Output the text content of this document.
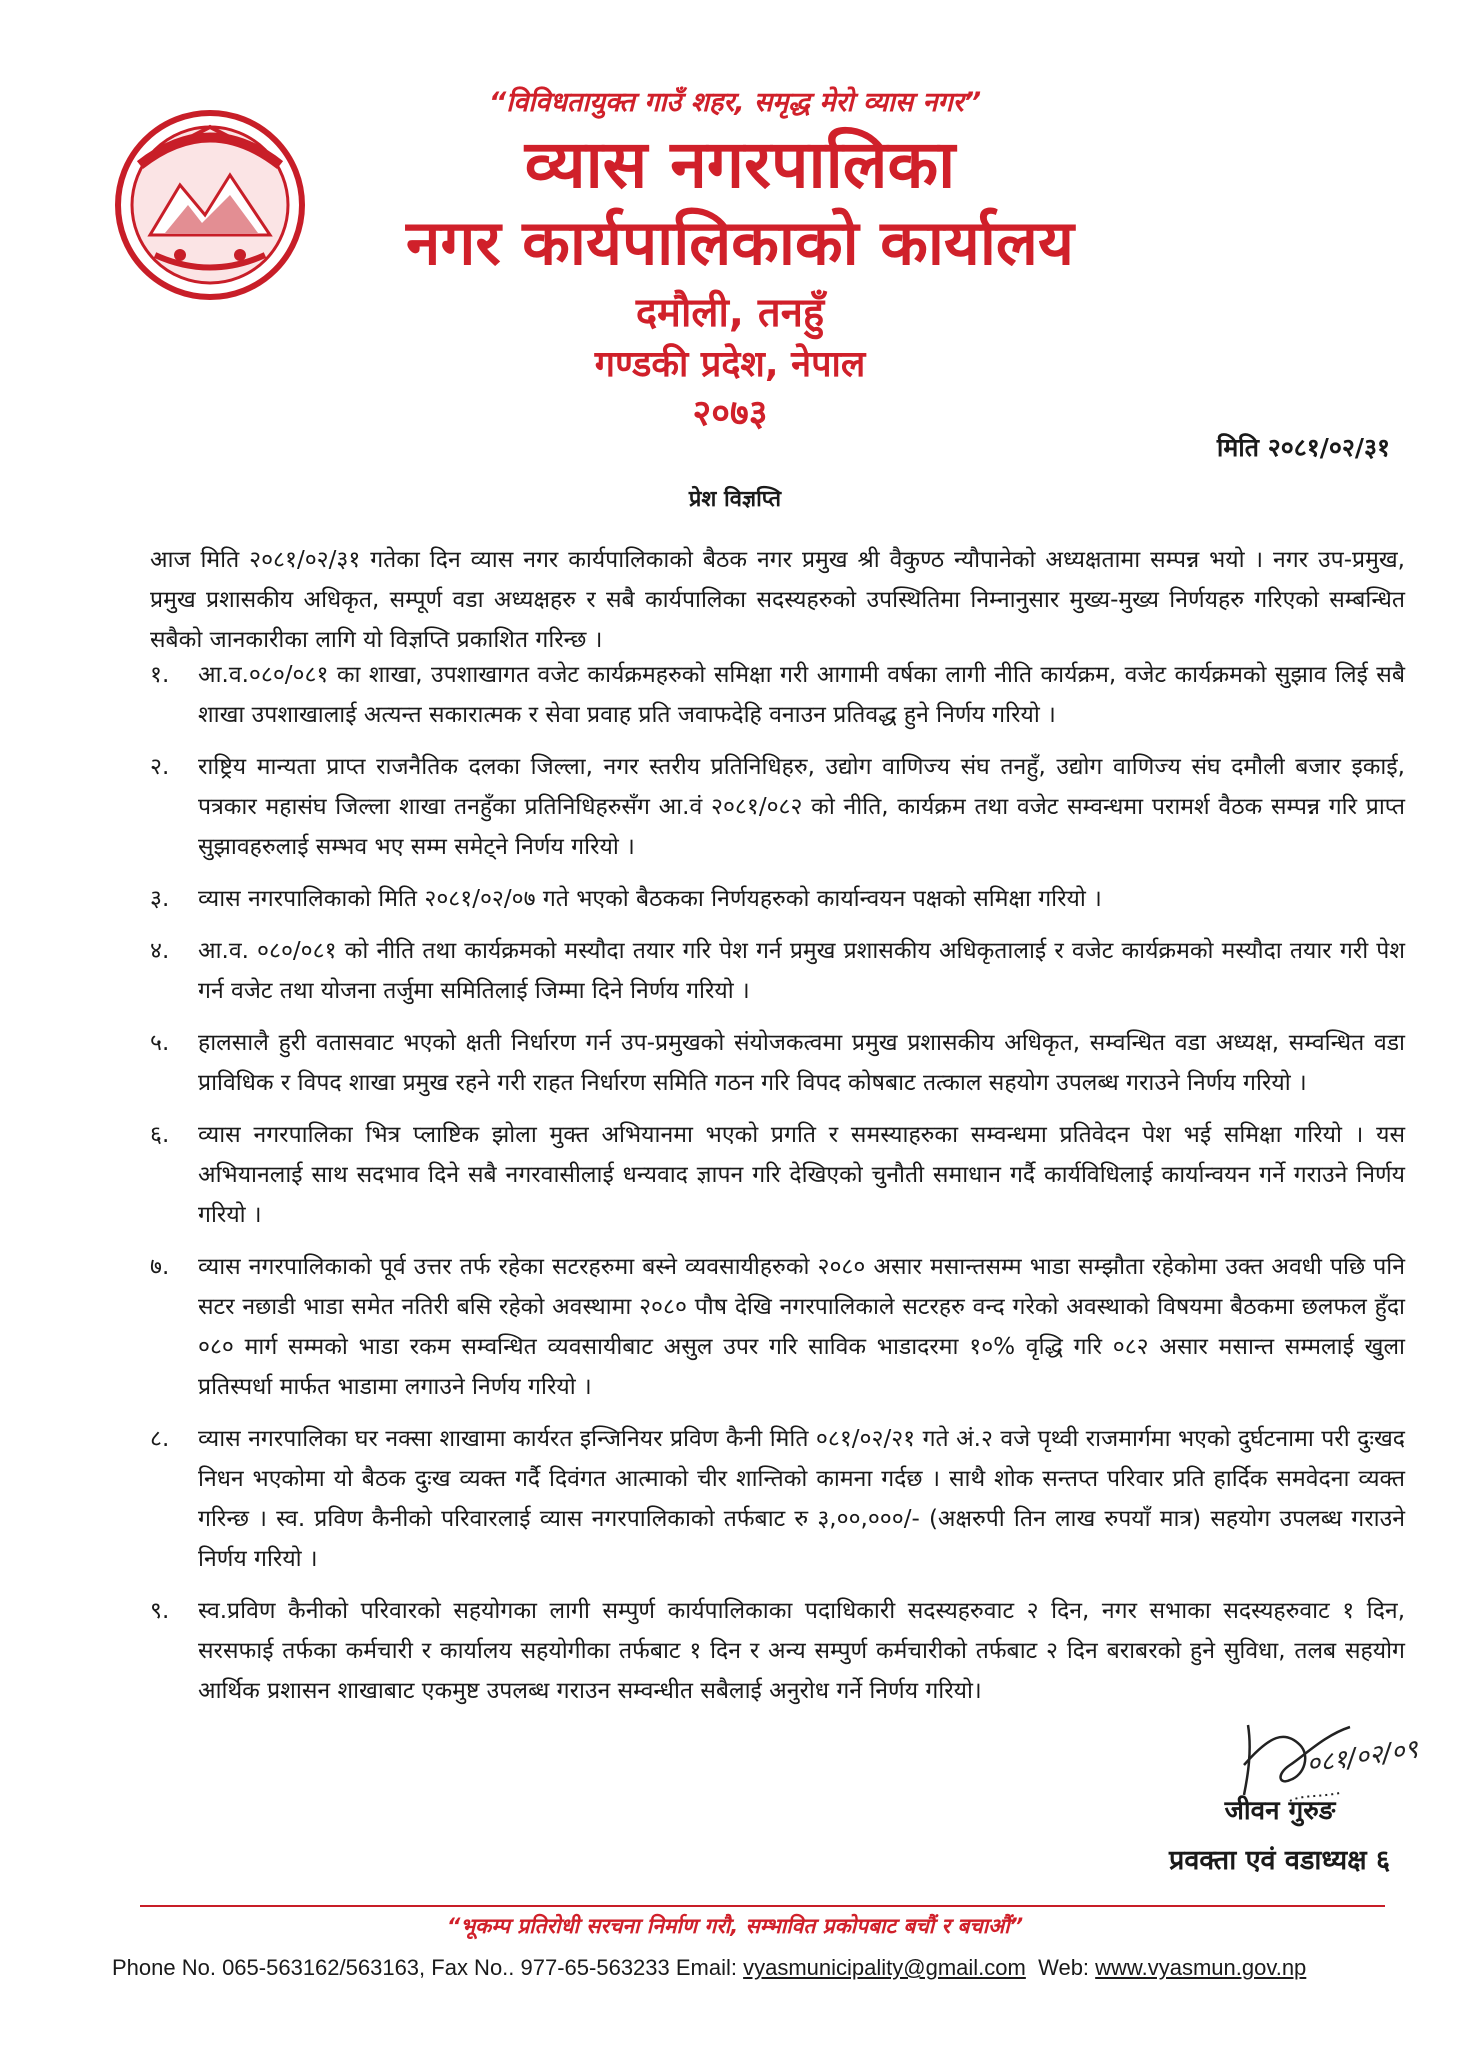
“विविधतायुक्त गाउँ शहर, समृद्ध मेरो व्यास नगर”
व्यास नगरपालिका
नगर कार्यपालिकाको कार्यालय
दमौली, तनहुँ
गण्डकी प्रदेश, नेपाल
२०७३
मिति २०८१/०२/३१
प्रेश विज्ञप्ति
आज मिति २०८१/०२/३१ गतेका दिन व्यास नगर कार्यपालिकाको बैठक नगर प्रमुख श्री वैकुण्ठ न्यौपानेको अध्यक्षतामा सम्पन्न भयो । नगर उप-प्रमुख, प्रमुख प्रशासकीय अधिकृत, सम्पूर्ण वडा अध्यक्षहरु र सबै कार्यपालिका सदस्यहरुको उपस्थितिमा निम्नानुसार मुख्य-मुख्य निर्णयहरु गरिएको सम्बन्धित सबैको जानकारीका लागि यो विज्ञप्ति प्रकाशित गरिन्छ ।
१.	आ.व.०८०/०८१ का शाखा, उपशाखागत वजेट कार्यक्रमहरुको समिक्षा गरी आगामी वर्षका लागी नीति कार्यक्रम, वजेट कार्यक्रमको सुझाव लिई सबै शाखा उपशाखालाई अत्यन्त सकारात्मक र सेवा प्रवाह प्रति जवाफदेहि वनाउन प्रतिवद्ध हुने निर्णय गरियो ।
२.	राष्ट्रिय मान्यता प्राप्त राजनैतिक दलका जिल्ला, नगर स्तरीय प्रतिनिधिहरु, उद्योग वाणिज्य संघ तनहुँ, उद्योग वाणिज्य संघ दमौली बजार इकाई, पत्रकार महासंघ जिल्ला शाखा तनहुँका प्रतिनिधिहरुसँग आ.वं २०८१/०८२ को नीति, कार्यक्रम तथा वजेट सम्वन्धमा परामर्श वैठक सम्पन्न गरि प्राप्त सुझावहरुलाई सम्भव भए सम्म समेट्ने निर्णय गरियो ।
३.	व्यास नगरपालिकाको मिति २०८१/०२/०७ गते भएको बैठकका निर्णयहरुको कार्यान्वयन पक्षको समिक्षा गरियो ।
४.	आ.व. ०८०/०८१ को नीति तथा कार्यक्रमको मस्यौदा तयार गरि पेश गर्न प्रमुख प्रशासकीय अधिकृतालाई र वजेट कार्यक्रमको मस्यौदा तयार गरी पेश गर्न वजेट तथा योजना तर्जुमा समितिलाई जिम्मा दिने निर्णय गरियो ।
५.	हालसालै हुरी वतासवाट भएको क्षती निर्धारण गर्न उप-प्रमुखको संयोजकत्वमा प्रमुख प्रशासकीय अधिकृत, सम्वन्धित वडा अध्यक्ष, सम्वन्धित वडा प्राविधिक र विपद शाखा प्रमुख रहने गरी राहत निर्धारण समिति गठन गरि विपद कोषबाट तत्काल सहयोग उपलब्ध गराउने निर्णय गरियो ।
६.	व्यास नगरपालिका भित्र प्लाष्टिक झोला मुक्त अभियानमा भएको प्रगति र समस्याहरुका सम्वन्धमा प्रतिवेदन पेश भई समिक्षा गरियो । यस अभियानलाई साथ सदभाव दिने सबै नगरवासीलाई धन्यवाद ज्ञापन गरि देखिएको चुनौती समाधान गर्दै कार्यविधिलाई कार्यान्वयन गर्ने गराउने निर्णय गरियो ।
७.	व्यास नगरपालिकाको पूर्व उत्तर तर्फ रहेका सटरहरुमा बस्ने व्यवसायीहरुको २०८० असार मसान्तसम्म भाडा सम्झौता रहेकोमा उक्त अवधी पछि पनि सटर नछाडी भाडा समेत नतिरी बसि रहेको अवस्थामा २०८० पौष देखि नगरपालिकाले सटरहरु वन्द गरेको अवस्थाको विषयमा बैठकमा छलफल हुँदा ०८० मार्ग सम्मको भाडा रकम सम्वन्धित व्यवसायीबाट असुल उपर गरि साविक भाडादरमा १०% वृद्धि गरि ०८२ असार मसान्त सम्मलाई खुला प्रतिस्पर्धा मार्फत भाडामा लगाउने निर्णय गरियो ।
८.	व्यास नगरपालिका घर नक्सा शाखामा कार्यरत इन्जिनियर प्रविण कैनी मिति ०८१/०२/२१ गते अं.२ वजे पृथ्वी राजमार्गमा भएको दुर्घटनामा परी दुःखद निधन भएकोमा यो बैठक दुःख व्यक्त गर्दै दिवंगत आत्माको चीर शान्तिको कामना गर्दछ । साथै शोक सन्तप्त परिवार प्रति हार्दिक समवेदना व्यक्त गरिन्छ । स्व. प्रविण कैनीको परिवारलाई व्यास नगरपालिकाको तर्फबाट रु ३,००,०००/- (अक्षरुपी तिन लाख रुपयाँ मात्र) सहयोग उपलब्ध गराउने निर्णय गरियो ।
९.	स्व.प्रविण कैनीको परिवारको सहयोगका लागी सम्पुर्ण कार्यपालिकाका पदाधिकारी सदस्यहरुवाट २ दिन, नगर सभाका सदस्यहरुवाट १ दिन, सरसफाई तर्फका कर्मचारी र कार्यालय सहयोगीका तर्फबाट १ दिन र अन्य सम्पुर्ण कर्मचारीको तर्फबाट २ दिन बराबरको हुने सुविधा, तलब सहयोग आर्थिक प्रशासन शाखाबाट एकमुष्ट उपलब्ध गराउन सम्वन्धीत सबैलाई अनुरोध गर्ने निर्णय गरियो।
०८१/०२/०९
जीवन गुरुङ
प्रवक्ता एवं वडाध्यक्ष ६
“भूकम्प प्रतिरोधी सरचना निर्माण गरौ, सम्भावित प्रकोपबाट बचौं र बचाऔं”
Phone No. 065-563162/563163, Fax No.. 977-65-563233 Email: vyasmunicipality@gmail.com Web: www.vyasmun.gov.np
